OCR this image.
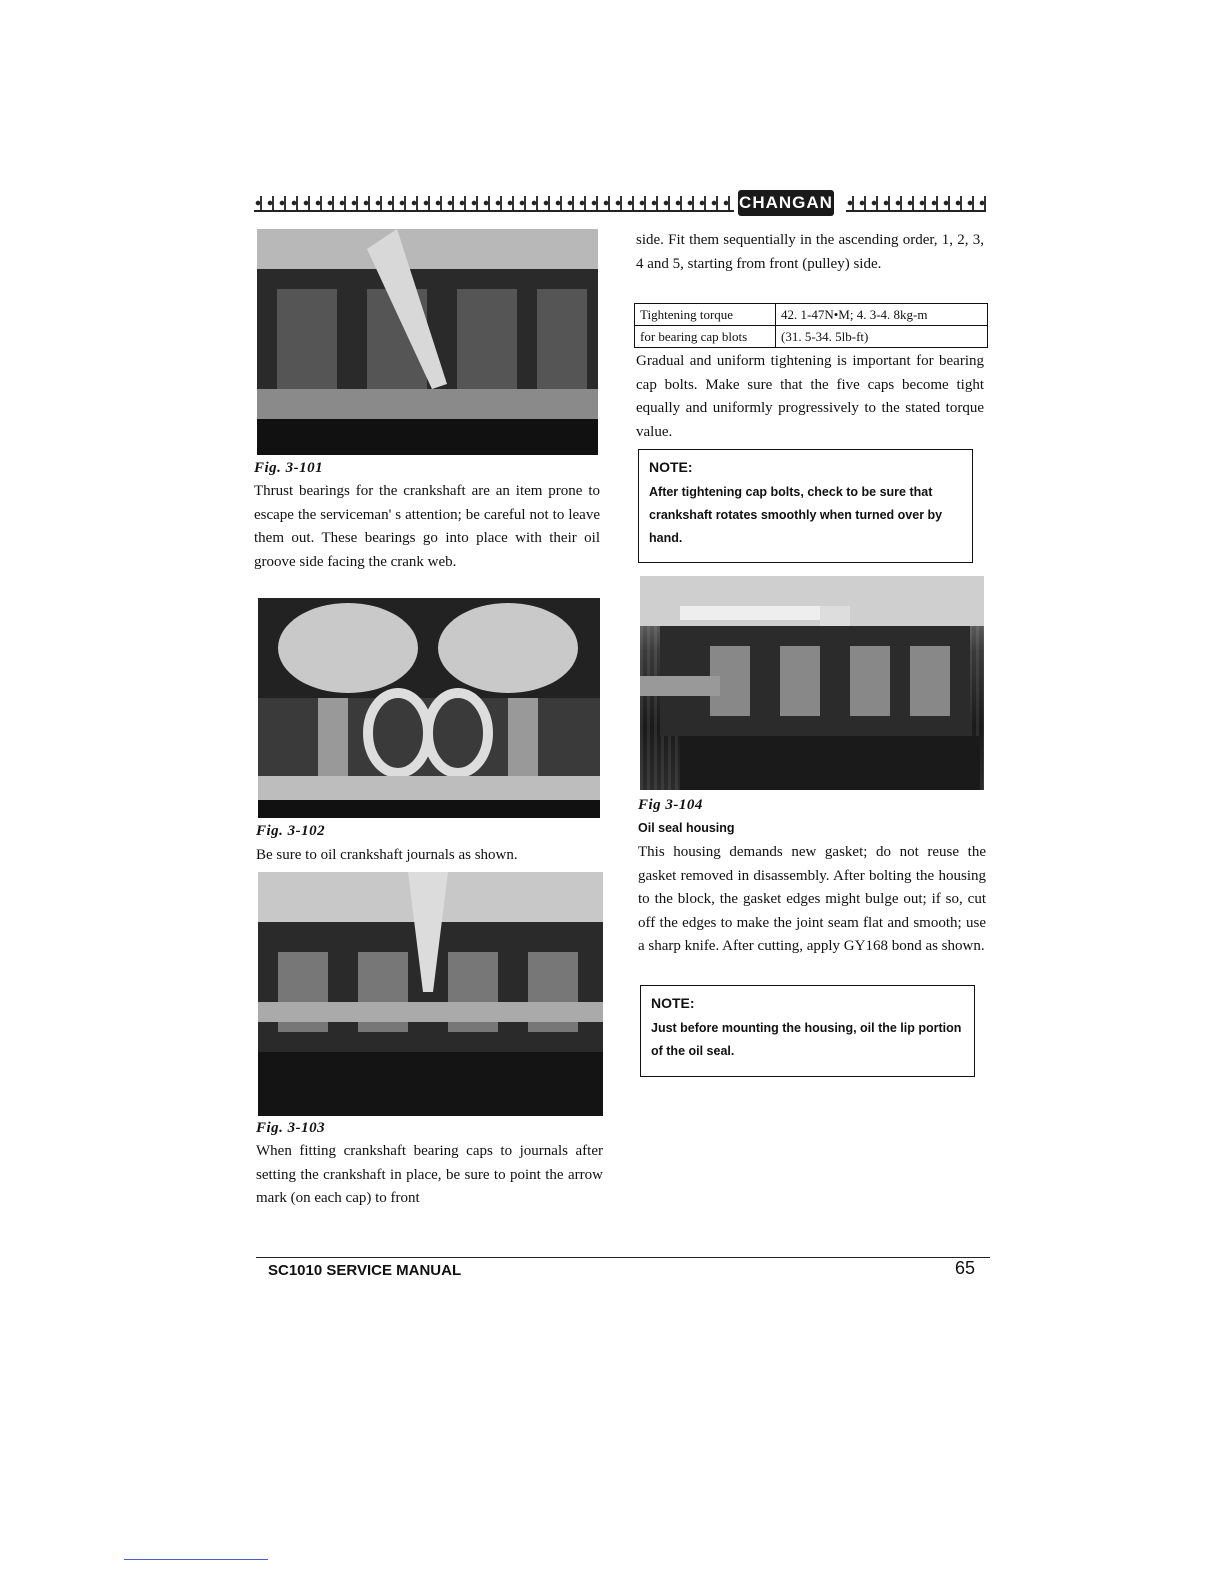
CHANGAN
Fig. 3-101
Thrust bearings for the crankshaft are an item prone to escape the serviceman' s attention; be careful not to leave them out. These bearings go into place with their oil groove side facing the crank web.
Fig. 3-102
Be sure to oil crankshaft journals as shown.
Fig. 3-103
When fitting crankshaft bearing caps to journals after setting the crankshaft in place, be sure to point the arrow mark (on each cap) to front
side. Fit them sequentially in the ascending order, 1, 2, 3, 4 and 5, starting from front (pulley) side.
Tightening torque	42. 1-47N•M; 4. 3-4. 8kg-m
for bearing cap blots	(31. 5-34. 5lb-ft)
Gradual and uniform tightening is important for bearing cap bolts. Make sure that the five caps become tight equally and uniformly progressively to the stated torque value.
NOTE:
After tightening cap bolts, check to be sure that crankshaft rotates smoothly when turned over by hand.
Fig 3-104
Oil seal housing
This housing demands new gasket; do not reuse the gasket removed in disassembly. After bolting the housing to the block, the gasket edges might bulge out; if so, cut off the edges to make the joint seam flat and smooth; use a sharp knife. After cutting, apply GY168 bond as shown.
NOTE:
Just before mounting the housing, oil the lip portion of the oil seal.
SC1010 SERVICE MANUAL	65
